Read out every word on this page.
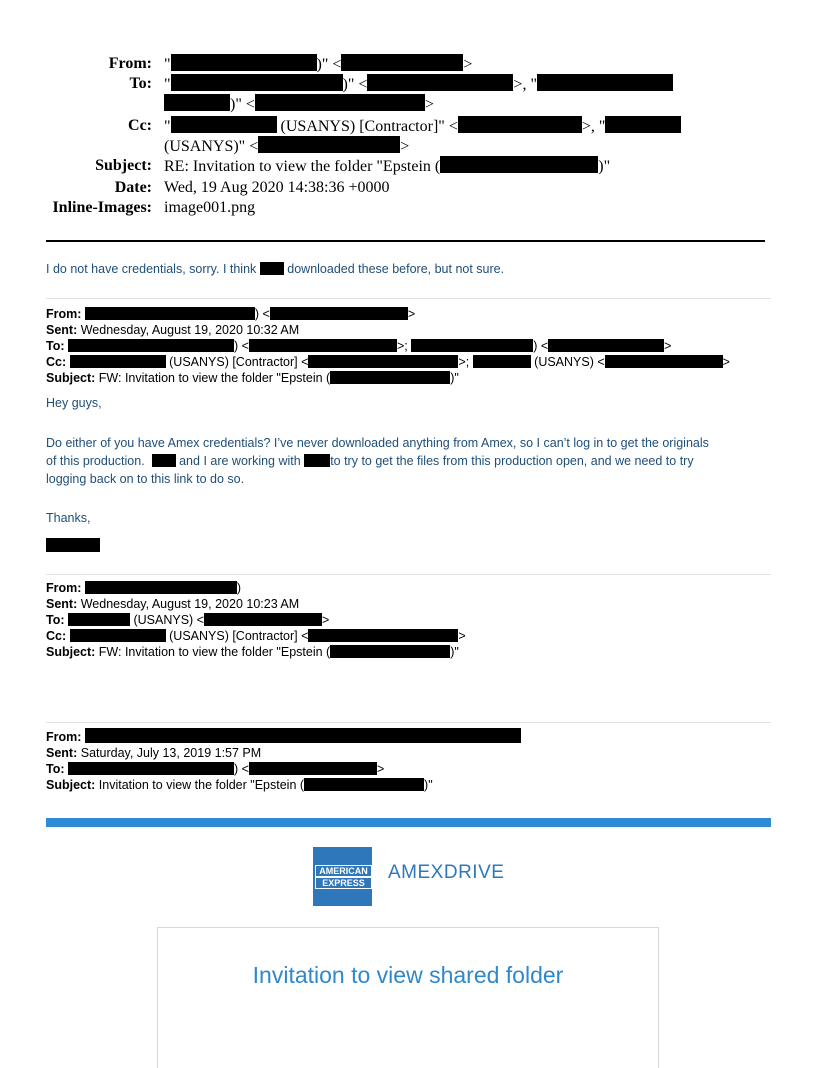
From: "	)" <	>
To: "	)" <	>, "
)" <	>
Cc: "	(USANYS) [Contractor]" <	>, "
(USANYS)" <	>
Subject: RE: Invitation to view the folder "Epstein (	)"
Date: Wed, 19 Aug 2020 14:38:36 +0000
Inline-Images: image001.png
I do not have credentials, sorry. I think downloaded these before, but not sure.
From:	) <	>
Sent: Wednesday, August 19, 2020 10:32 AM
To:	) <	>;	) <	>
Cc:	(USANYS) [Contractor] <	>;	(USANYS) <	>
Subject: FW: Invitation to view the folder "Epstein (	)"
Hey guys,
Do either of you have Amex credentials? I’ve never downloaded anything from Amex, so I can’t log in to get the originals
of this production.	and I are working with to try to get the files from this production open, and we need to try
logging back on to this link to do so.
Thanks,
From:	)
Sent: Wednesday, August 19, 2020 10:23 AM
To:	(USANYS) <	>
Cc:	(USANYS) [Contractor] <	>
Subject: FW: Invitation to view the folder "Epstein (	)"
From:
Sent: Saturday, July 13, 2019 1:57 PM
To:	) <	>
Subject: Invitation to view the folder "Epstein (	)"
AMERICAN
EXPRESS	AMEXDRIVE
Invitation to view shared folder
